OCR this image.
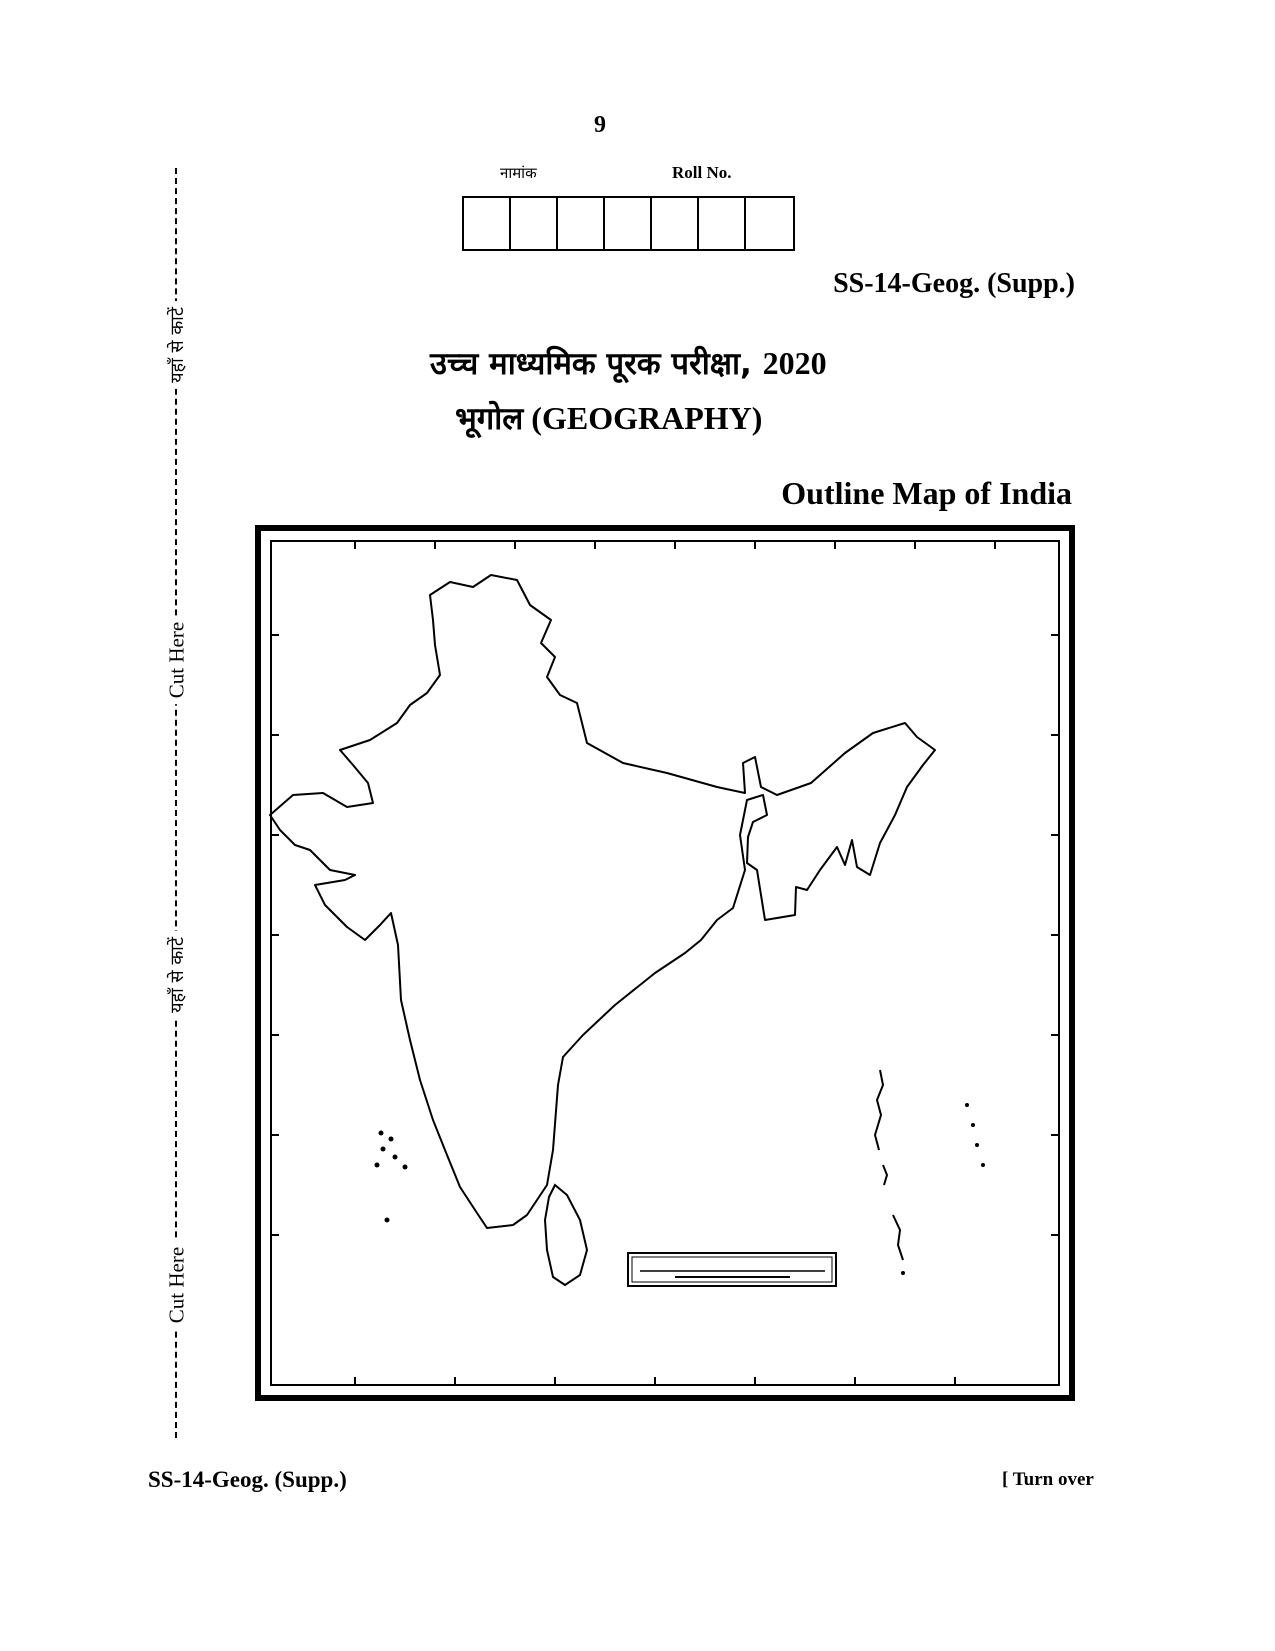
9
नामांक	Roll No.
SS-14-Geog. (Supp.)
उच्च माध्यमिक पूरक परीक्षा, 2020
भूगोल (GEOGRAPHY)
Outline Map of India
यहाँ से काटें
Cut Here
यहाँ से काटें
Cut Here
SS-14-Geog. (Supp.)	[ Turn over
